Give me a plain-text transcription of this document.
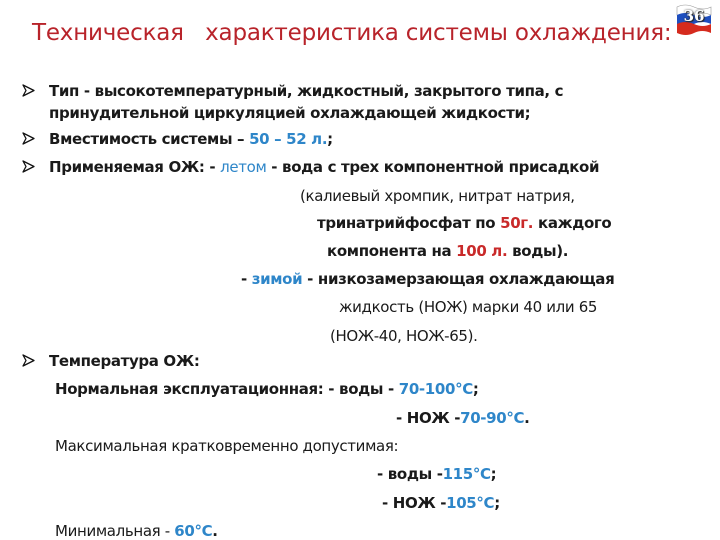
Техническая   характеристика системы охлаждения:
36
Тип - высокотемпературный, жидкостный, закрытого типа, с
принудительной циркуляцией охлаждающей жидкости;
Вместимость системы – 50 – 52 л.;
Применяемая ОЖ: - летом - вода с трех компонентной присадкой
(калиевый хромпик, нитрат натрия,
тринатрийфосфат по 50г. каждого
компонента на 100 л. воды).
- зимой - низкозамерзающая охлаждающая
жидкость (НОЖ) марки 40 или 65
(НОЖ-40, НОЖ-65).
Температура ОЖ:
Нормальная эксплуатационная: - воды - 70-100°С;
- НОЖ -70-90°С.
Максимальная кратковременно допустимая:
- воды -115°С;
- НОЖ -105°С;
Минимальная - 60°С.
